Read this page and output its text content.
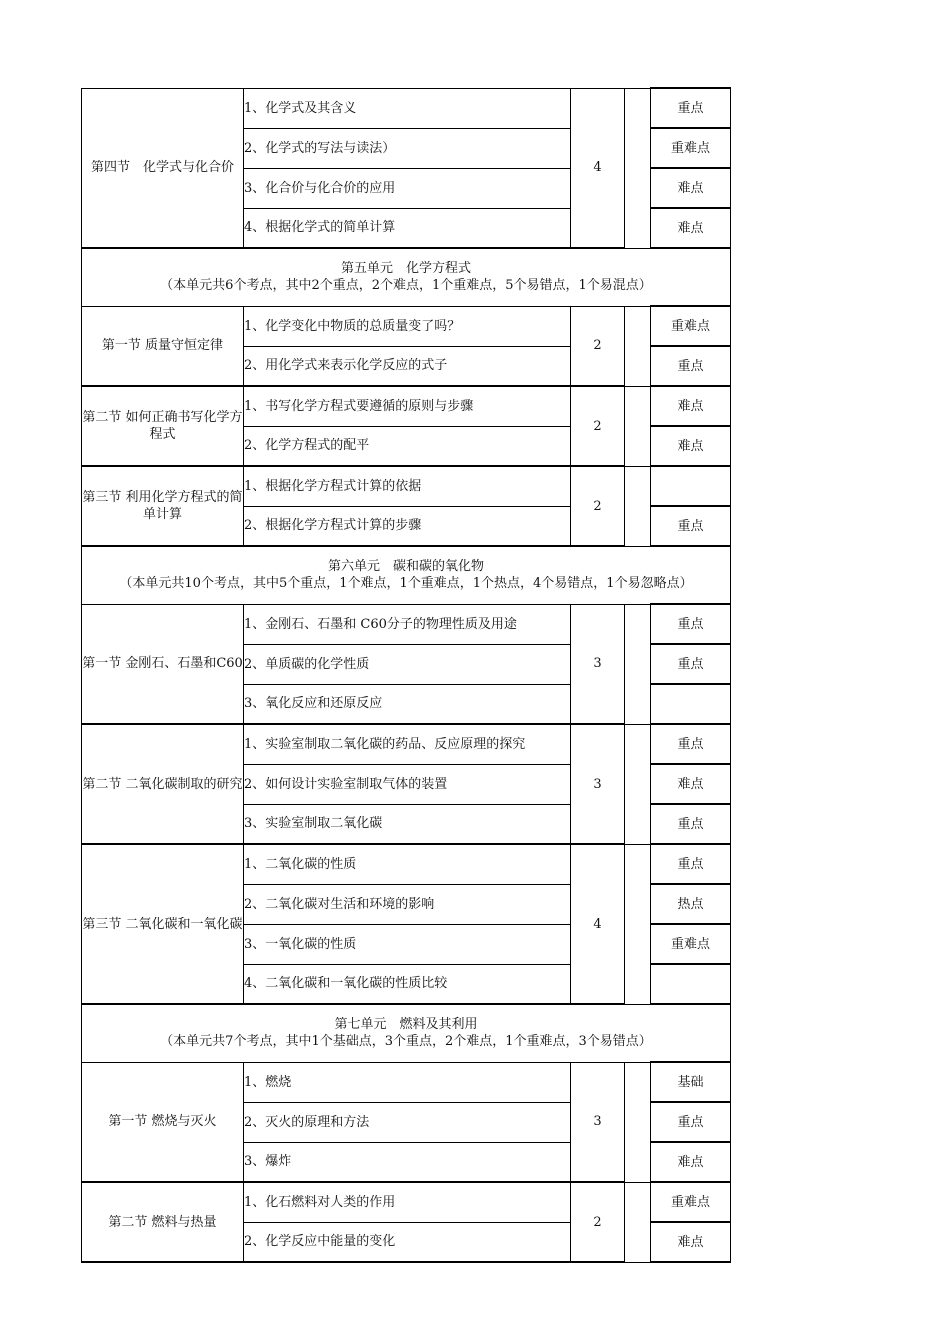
第四节　化学式与化合价	1、化学式及其含义	4		重点
	2、化学式的写法与读法）			重难点
	3、化合价与化合价的应用			难点
	4、根据化学式的简单计算			难点

第五单元　化学方程式
（本单元共6个考点，其中2个重点，2个难点，1个重难点，5个易错点，1个易混点）				

第一节 质量守恒定律	1、化学变化中物质的总质量变了吗？	2		重难点
	2、用化学式来表示化学反应的式子			重点
第二节 如何正确书写化学方程式	1、书写化学方程式要遵循的原则与步骤	2		难点
	2、化学方程式的配平			难点
第三节 利用化学方程式的简单计算	1、根据化学方程式计算的依据	2		
	2、根据化学方程式计算的步骤			重点

第六单元　碳和碳的氧化物
（本单元共10个考点，其中5个重点，1个难点，1个重难点，1个热点，4个易错点，1个易忽略点）				

第一节 金刚石、石墨和C60	1、金刚石、石墨和 C60分子的物理性质及用途	3		重点
	2、单质碳的化学性质			重点
	3、氧化反应和还原反应			
第二节 二氧化碳制取的研究	1、实验室制取二氧化碳的药品、反应原理的探究	3		重点
	2、如何设计实验室制取气体的装置			难点
	3、实验室制取二氧化碳			重点
第三节 二氧化碳和一氧化碳	1、二氧化碳的性质	4		重点
	2、二氧化碳对生活和环境的影响			热点
	3、一氧化碳的性质			重难点
	4、二氧化碳和一氧化碳的性质比较			

第七单元　燃料及其利用
（本单元共7个考点，其中1个基础点，3个重点，2个难点，1个重难点，3个易错点）				

第一节 燃烧与灭火	1、燃烧	3		基础
	2、灭火的原理和方法			重点
	3、爆炸			难点
第二节 燃料与热量	1、化石燃料对人类的作用	2		重难点
	2、化学反应中能量的变化			难点
